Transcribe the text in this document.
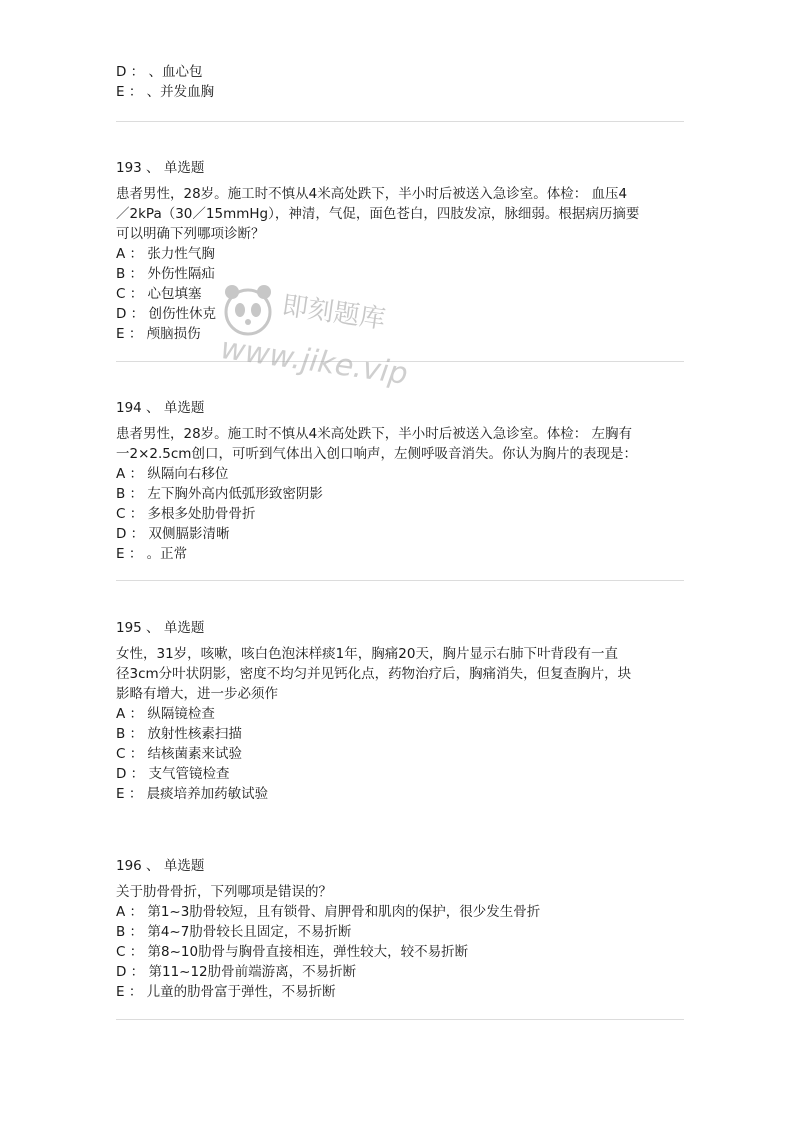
D ： 、血心包

E ： 、并发血胸

193 、 单选题

患者男性，28岁。施工时不慎从4米高处跌下，半小时后被送入急诊室。体检： 血压4

／2kPa（30／15mmHg），神清，气促，面色苍白，四肢发凉，脉细弱。根据病历摘要

可以明确下列哪项诊断？

A ： 张力性气胸

B ： 外伤性隔疝

C ： 心包填塞

D ： 创伤性休克

E ： 颅脑损伤

194 、 单选题

患者男性，28岁。施工时不慎从4米高处跌下，半小时后被送入急诊室。体检： 左胸有

一2×2.5cm创口，可听到气体出入创口响声，左侧呼吸音消失。你认为胸片的表现是：

A ： 纵隔向右移位

B ： 左下胸外高内低弧形致密阴影

C ： 多根多处肋骨骨折

D ： 双侧膈影清晰

E ： 。正常

195 、 单选题

女性，31岁，咳嗽，咳白色泡沫样痰1年，胸痛20天，胸片显示右肺下叶背段有一直

径3cm分叶状阴影，密度不均匀并见钙化点，药物治疗后，胸痛消失，但复查胸片，块

影略有增大，进一步必须作

A ： 纵隔镜检查

B ： 放射性核素扫描

C ： 结核菌素来试验

D ： 支气管镜检查

E ： 晨痰培养加药敏试验

196 、 单选题

关于肋骨骨折，下列哪项是错误的？

A ： 第1~3肋骨较短，且有锁骨、肩胛骨和肌肉的保护，很少发生骨折

B ： 第4~7肋骨较长且固定，不易折断

C ： 第8~10肋骨与胸骨直接相连，弹性较大，较不易折断

D ： 第11~12肋骨前端游离，不易折断

E ： 儿童的肋骨富于弹性，不易折断

即刻题库
www.jike.vip
